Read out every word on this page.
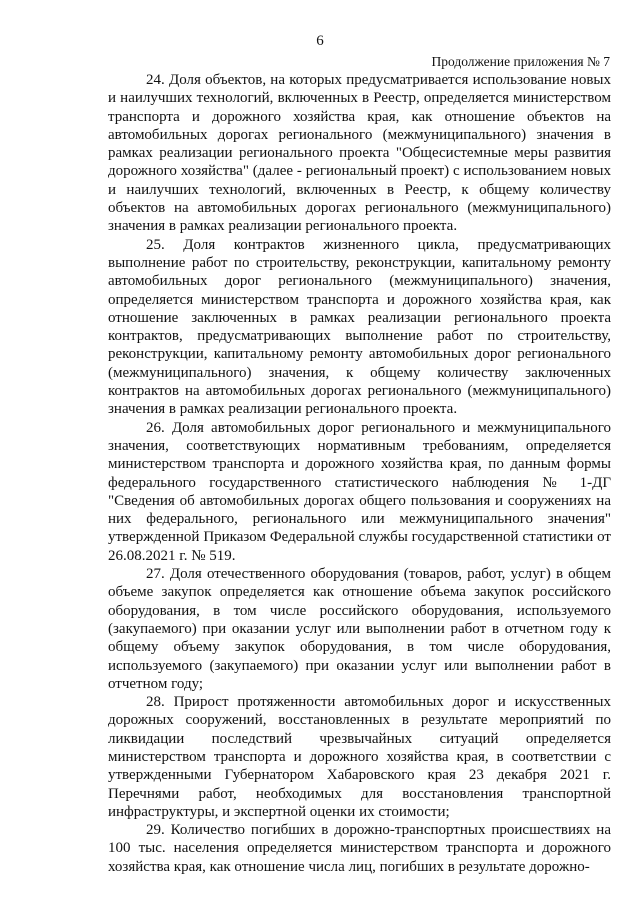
6
Продолжение приложения № 7

24. Доля объектов, на которых предусматривается использование новых и наилучших технологий, включенных в Реестр, определяется министерством транспорта и дорожного хозяйства края, как отношение объектов на автомобильных дорогах регионального (межмуниципального) значения в рамках реализации регионального проекта "Общесистемные меры развития дорожного хозяйства" (далее - региональный проект) с использованием новых и наилучших технологий, включенных в Реестр, к общему количеству объектов на автомобильных дорогах регионального (межмуниципального) значения в рамках реализации регионального проекта.

25. Доля контрактов жизненного цикла, предусматривающих выполнение работ по строительству, реконструкции, капитальному ремонту автомобильных дорог регионального (межмуниципального) значения, определяется министерством транспорта и дорожного хозяйства края, как отношение заключенных в рамках реализации регионального проекта контрактов, предусматривающих выполнение работ по строительству, реконструкции, капитальному ремонту автомобильных дорог регионального (межмуниципального) значения, к общему количеству заключенных контрактов на автомобильных дорогах регионального (межмуниципального) значения в рамках реализации регионального проекта.

26. Доля автомобильных дорог регионального и межмуниципального значения, соответствующих нормативным требованиям, определяется министерством транспорта и дорожного хозяйства края, по данным формы федерального государственного статистического наблюдения № 1-ДГ "Сведения об автомобильных дорогах общего пользования и сооружениях на них федерального, регионального или межмуниципального значения" утвержденной Приказом Федеральной службы государственной статистики от 26.08.2021 г. № 519.

27. Доля отечественного оборудования (товаров, работ, услуг) в общем объеме закупок определяется как отношение объема закупок российского оборудования, в том числе российского оборудования, используемого (закупаемого) при оказании услуг или выполнении работ в отчетном году к общему объему закупок оборудования, в том числе оборудования, используемого (закупаемого) при оказании услуг или выполнении работ в отчетном году;

28. Прирост протяженности автомобильных дорог и искусственных дорожных сооружений, восстановленных в результате мероприятий по ликвидации последствий чрезвычайных ситуаций определяется министерством транспорта и дорожного хозяйства края, в соответствии с утвержденными Губернатором Хабаровского края 23 декабря 2021 г. Перечнями работ, необходимых для восстановления транспортной инфраструктуры, и экспертной оценки их стоимости;

29. Количество погибших в дорожно-транспортных происшествиях на 100 тыс. населения определяется министерством транспорта и дорожного хозяйства края, как отношение числа лиц, погибших в результате дорожно-
